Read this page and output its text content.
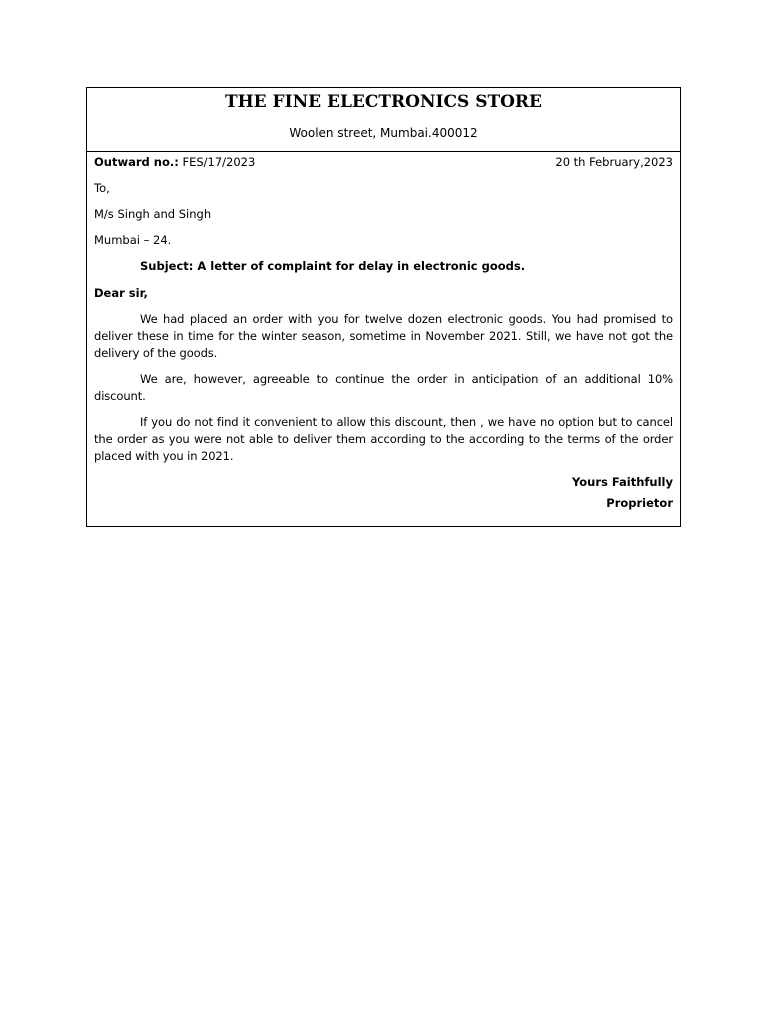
THE FINE ELECTRONICS STORE
Woolen street, Mumbai.400012
Outward no.: FES/17/2023	20 th February,2023
To,
M/s Singh and Singh
Mumbai – 24.
Subject: A letter of complaint for delay in electronic goods.
Dear sir,
We had placed an order with you for twelve dozen electronic goods. You had promised to deliver these in time for the winter season, sometime in November 2021. Still, we have not got the delivery of the goods.
We are, however, agreeable to continue the order in anticipation of an additional 10% discount.
If you do not find it convenient to allow this discount, then , we have no option but to cancel the order as you were not able to deliver them according to the according to the terms of the order placed with you in 2021.
Yours Faithfully
Proprietor
